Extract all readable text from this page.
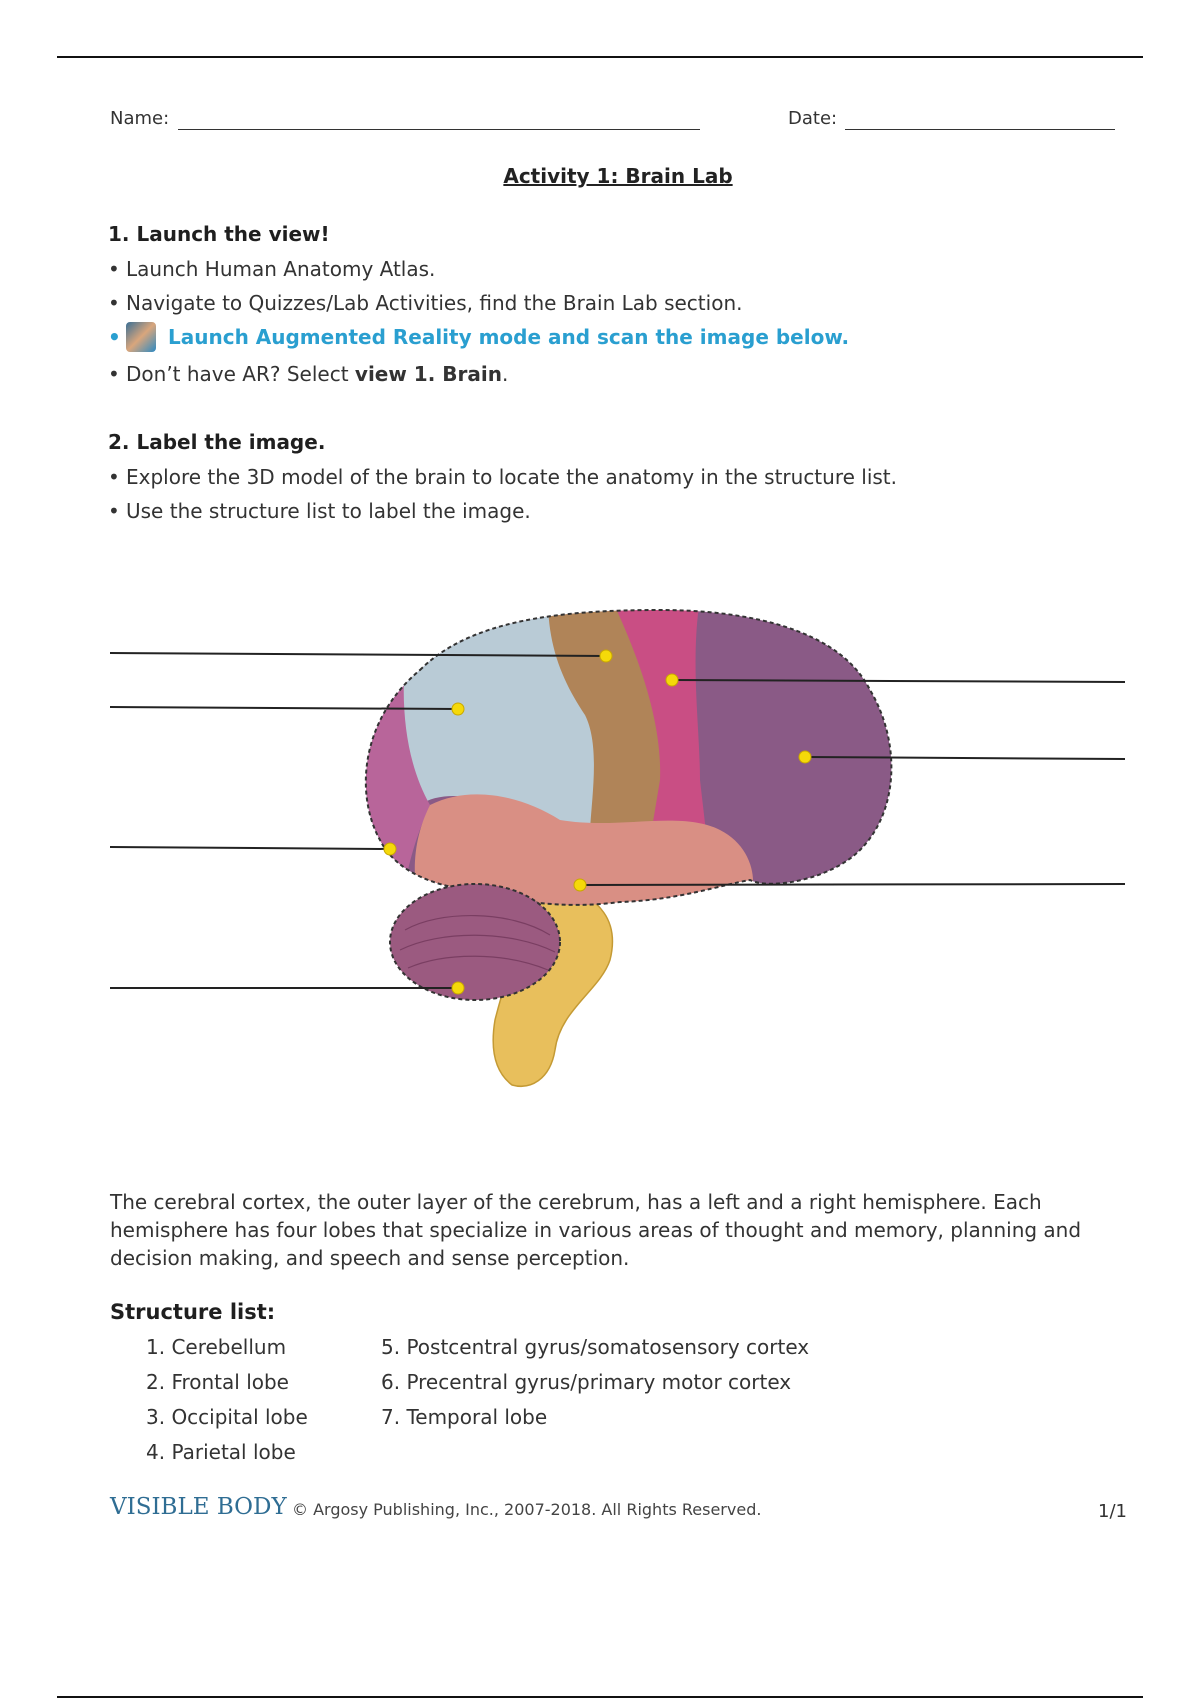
Name:	Date:
Activity 1: Brain Lab
1. Launch the view!
• Launch Human Anatomy Atlas.
• Navigate to Quizzes/Lab Activities, find the Brain Lab section.
• Launch Augmented Reality mode and scan the image below.
• Don’t have AR? Select view 1. Brain.
2. Label the image.
• Explore the 3D model of the brain to locate the anatomy in the structure list.
• Use the structure list to label the image.
The cerebral cortex, the outer layer of the cerebrum, has a left and a right hemisphere. Each hemisphere has four lobes that specialize in various areas of thought and memory, planning and decision making, and speech and sense perception.
Structure list:
1. Cerebellum
2. Frontal lobe
3. Occipital lobe
4. Parietal lobe
5. Postcentral gyrus/somatosensory cortex
6. Precentral gyrus/primary motor cortex
7. Temporal lobe
VISIBLE BODY © Argosy Publishing, Inc., 2007-2018. All Rights Reserved.	1/1
